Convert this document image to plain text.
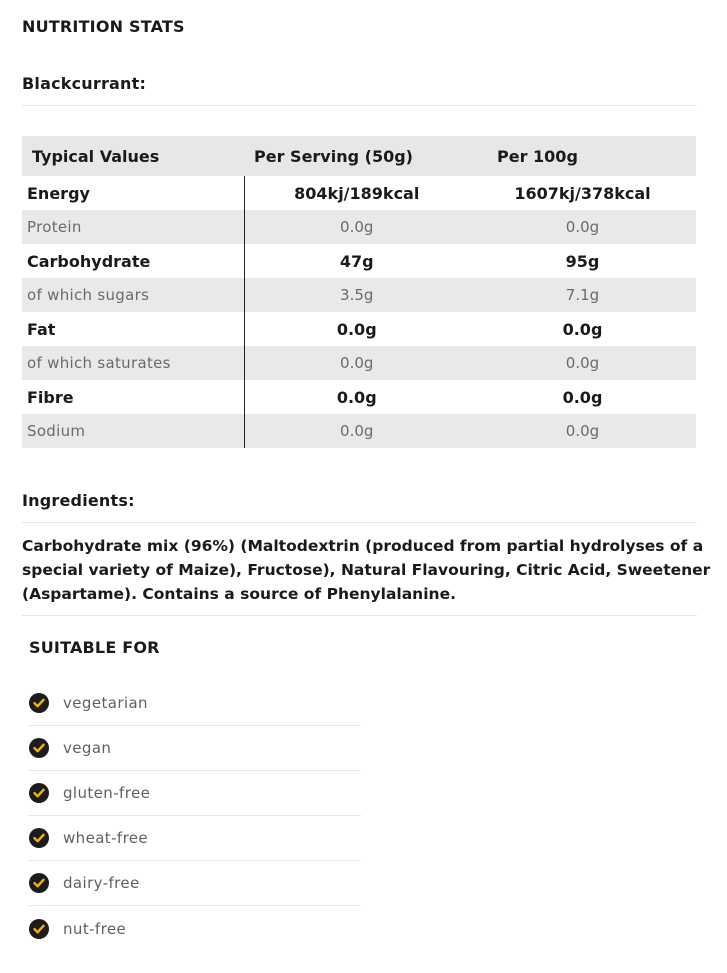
NUTRITION STATS
Blackcurrant:
Typical Values	Per Serving (50g)	Per 100g
Energy	804kj/189kcal	1607kj/378kcal
Protein	0.0g	0.0g
Carbohydrate	47g	95g
of which sugars	3.5g	7.1g
Fat	0.0g	0.0g
of which saturates	0.0g	0.0g
Fibre	0.0g	0.0g
Sodium	0.0g	0.0g
Ingredients:
Carbohydrate mix (96%) (Maltodextrin (produced from partial hydrolyses of a special variety of Maize), Fructose), Natural Flavouring, Citric Acid, Sweetener (Aspartame). Contains a source of Phenylalanine.
SUITABLE FOR
vegetarian
vegan
gluten-free
wheat-free
dairy-free
nut-free
